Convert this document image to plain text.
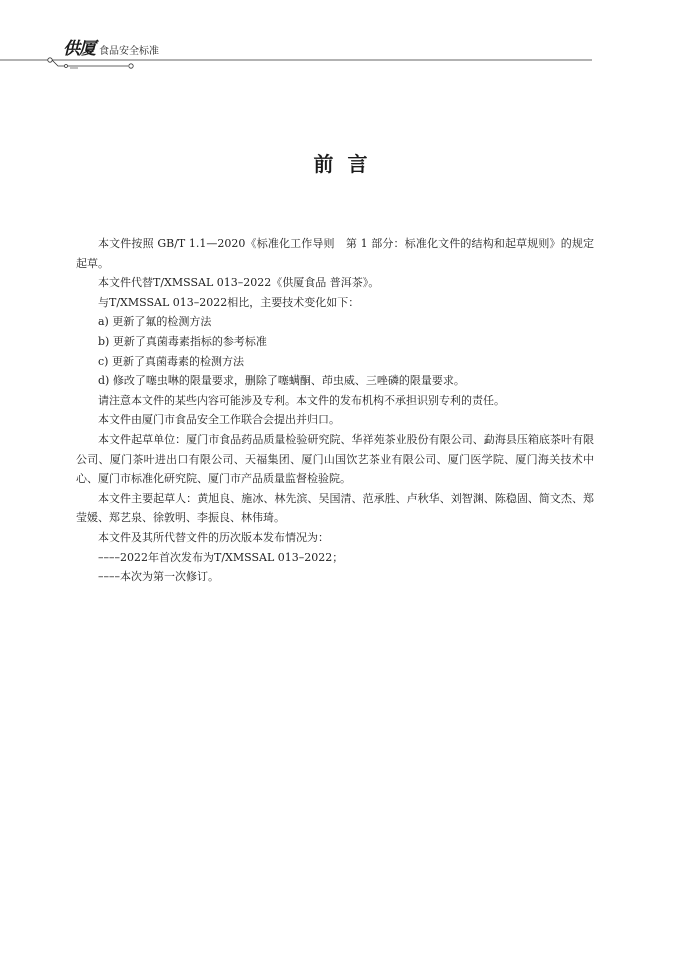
供厦 食品安全标准
前言

本文件按照 GB/T 1.1—2020《标准化工作导则　第 1 部分：标准化文件的结构和起草规则》的规定起草。

本文件代替T/XMSSAL 013–2022《供厦食品 普洱茶》。

与T/XMSSAL 013–2022相比，主要技术变化如下：

a) 更新了氟的检测方法

b) 更新了真菌毒素指标的参考标准

c) 更新了真菌毒素的检测方法

d) 修改了噻虫啉的限量要求，删除了噻螨酮、茚虫威、三唑磷的限量要求。

请注意本文件的某些内容可能涉及专利。本文件的发布机构不承担识别专利的责任。

本文件由厦门市食品安全工作联合会提出并归口。

本文件起草单位：厦门市食品药品质量检验研究院、华祥苑茶业股份有限公司、勐海县压箱底茶叶有限公司、厦门茶叶进出口有限公司、天福集团、厦门山国饮艺茶业有限公司、厦门医学院、厦门海关技术中心、厦门市标准化研究院、厦门市产品质量监督检验院。

本文件主要起草人：黄旭良、施冰、林先滨、吴国清、范承胜、卢秋华、刘智渊、陈稳固、简文杰、郑莹媛、郑艺泉、徐敦明、李振良、林伟琦。

本文件及其所代替文件的历次版本发布情况为：

––––2022年首次发布为T/XMSSAL 013–2022；

––––本次为第一次修订。
